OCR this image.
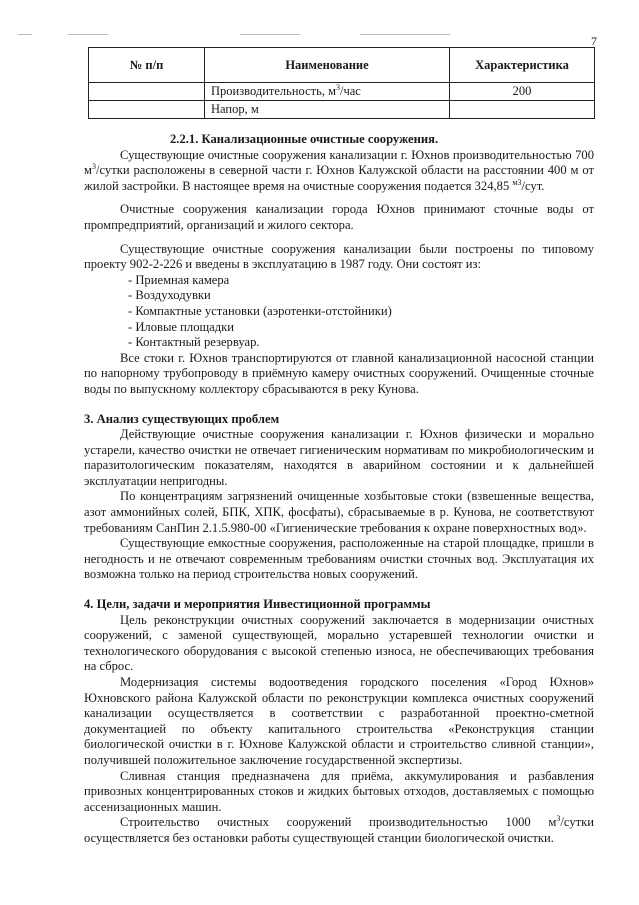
7
№ п/п	Наименование	Характеристика
	Производительность, $м^3$/час	200
	Напор, м	

2.2.1. Канализационные очистные сооружения.

Существующие очистные сооружения канализации г. Юхнов производительностью 700 $м^3$/сутки расположены в северной части г. Юхнов Калужской области на расстоянии 400 м от жилой застройки. В настоящее время на очистные сооружения подается 324,85 $^{м3}$/сут.

Очистные сооружения канализации города Юхнов принимают сточные воды от промпредприятий, организаций и жилого сектора.

Существующие очистные сооружения канализации были построены по типовому проекту 902-2-226 и введены в эксплуатацию в 1987 году. Они состоят из:

- Приемная камера
- Воздуходувки
- Компактные установки (аэротенки-отстойники)
- Иловые площадки
- Контактный резервуар.

Все стоки г. Юхнов транспортируются от главной канализационной насосной станции по напорному трубопроводу в приёмную камеру очистных сооружений. Очищенные сточные воды по выпускному коллектору сбрасываются в реку Кунова.

3. Анализ существующих проблем

Действующие очистные сооружения канализации г. Юхнов физически и морально устарели, качество очистки не отвечает гигиеническим нормативам по микробиологическим и паразитологическим показателям, находятся в аварийном состоянии и к дальнейшей эксплуатации непригодны.

По концентрациям загрязнений очищенные хозбытовые стоки (взвешенные вещества, азот аммонийных солей, БПК, ХПК, фосфаты), сбрасываемые в р. Кунова, не соответствуют требованиям СанПин 2.1.5.980-00 «Гигиенические требования к охране поверхностных вод».

Существующие емкостные сооружения, расположенные на старой площадке, пришли в негодность и не отвечают современным требованиям очистки сточных вод. Эксплуатация их возможна только на период строительства новых сооружений.

4. Цели, задачи и мероприятия Инвестиционной программы

Цель реконструкции очистных сооружений заключается в модернизации очистных сооружений, с заменой существующей, морально устаревшей технологии очистки и технологического оборудования с высокой степенью износа, не обеспечивающих требования на сброс.

Модернизация системы водоотведения городского поселения «Город Юхнов» Юхновского района Калужской области по реконструкции комплекса очистных сооружений канализации осуществляется в соответствии с разработанной проектно-сметной документацией по объекту капитального строительства «Реконструкция станции биологической очистки в г. Юхнове Калужской области и строительство сливной станции», получившей положительное заключение государственной экспертизы.

Сливная станция предназначена для приёма, аккумулирования и разбавления привозных концентрированных стоков и жидких бытовых отходов, доставляемых с помощью ассенизационных машин.

Строительство очистных сооружений производительностью 1000 $м^3$/сутки осуществляется без остановки работы существующей станции биологической очистки.
